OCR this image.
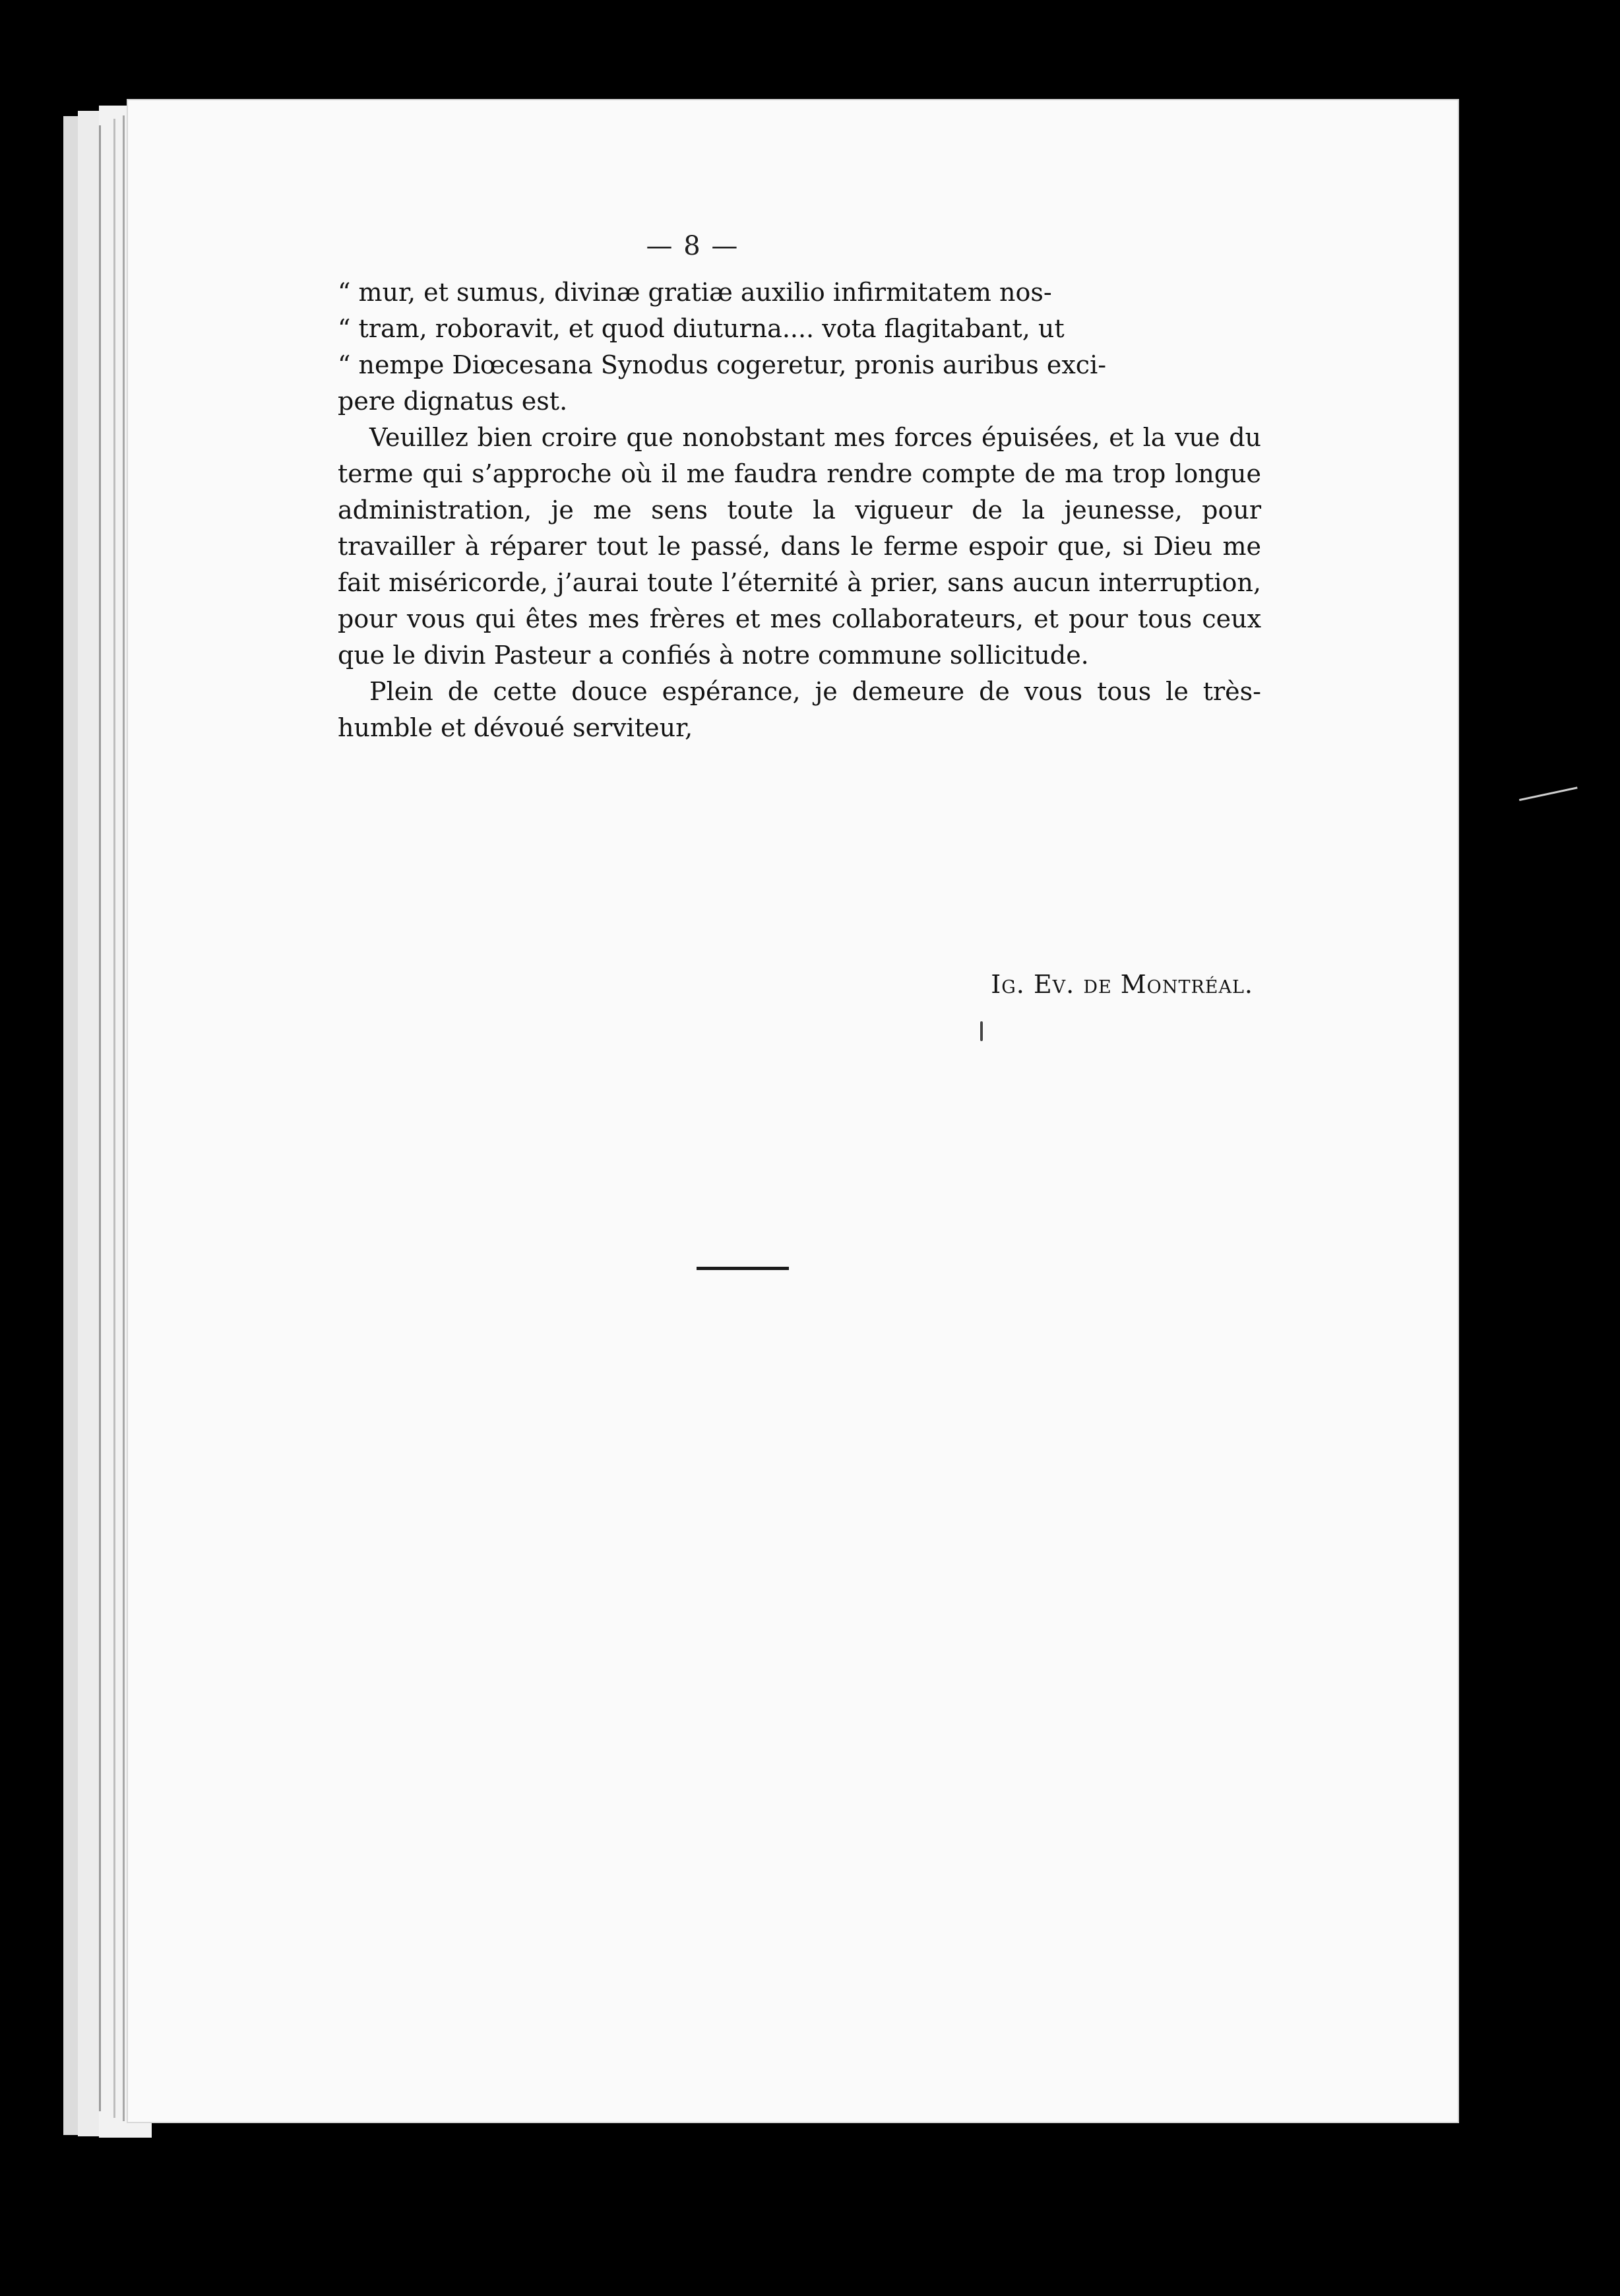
— 8 —

“ mur, et sumus, divinæ gratiæ auxilio infirmitatem nos-
“ tram, roboravit, et quod diuturna.... vota flagitabant, ut
“ nempe Diœcesana Synodus cogeretur, pronis auribus exci-
pere dignatus est.

Veuillez bien croire que nonobstant mes forces épuisées, et la vue du terme qui s’approche où il me faudra rendre compte de ma trop longue administration, je me sens toute la vigueur de la jeunesse, pour travailler à réparer tout le passé, dans le ferme espoir que, si Dieu me fait miséricorde, j’aurai toute l’éternité à prier, sans aucun interruption, pour vous qui êtes mes frères et mes collaborateurs, et pour tous ceux que le divin Pasteur a confiés à notre commune sollicitude.

Plein de cette douce espérance, je demeure de vous tous le très-humble et dévoué serviteur,

Ig. Ev. de Montréal.
